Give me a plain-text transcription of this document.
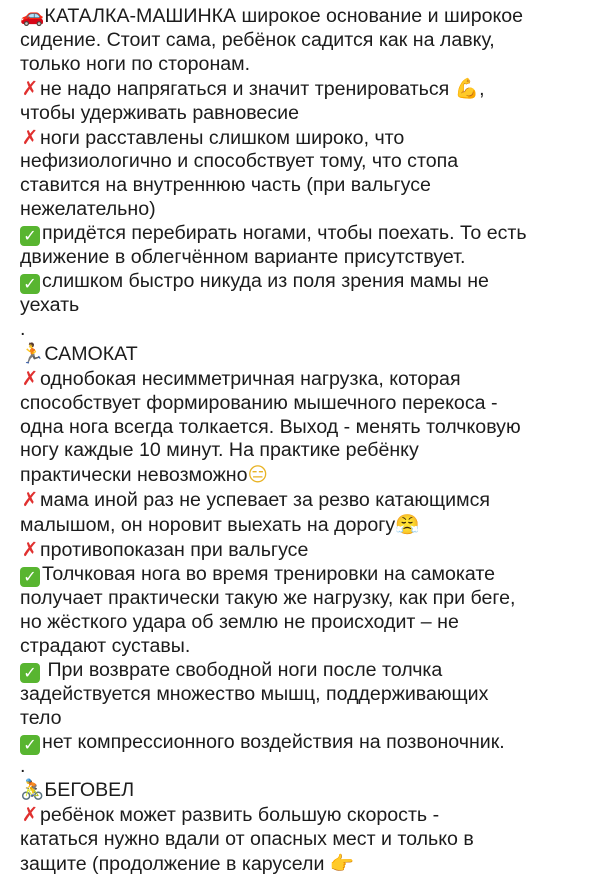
🚗КАТАЛКА-МАШИНКА широкое основание и широкое
сидение. Стоит сама, ребёнок садится как на лавку,
только ноги по сторонам.

✗не надо напрягаться и значит тренироваться 💪,
чтобы удерживать равновесие

✗ноги расставлены слишком широко, что
нефизиологично и способствует тому, что стопа
ставится на внутреннюю часть (при вальгусе
нежелательно)

✓ придётся перебирать ногами, чтобы поехать. То есть
движение в облегчённом варианте присутствует.

✓ слишком быстро никуда из поля зрения мамы не
уехать

.

🏃САМОКАТ

✗однобокая несимметричная нагрузка, которая
способствует формированию мышечного перекоса -
одна нога всегда толкается. Выход - менять толчковую
ногу каждые 10 минут. На практике ребёнку
практически невозможно😑

✗мама иной раз не успевает за резво катающимся
малышом, он норовит выехать на дорогу😤

✗противопоказан при вальгусе

✓ Толчковая нога во время тренировки на самокате
получает практически такую же нагрузку, как при беге,
но жёсткого удара об землю не происходит – не
страдают суставы.

✓ При возврате свободной ноги после толчка
задействуется множество мышц, поддерживающих
тело

✓ нет компрессионного воздействия на позвоночник.

.

🚴БЕГОВЕЛ

✗ребёнок может развить большую скорость -
кататься нужно вдали от опасных мест и только в
защите (продолжение в карусели 👉
